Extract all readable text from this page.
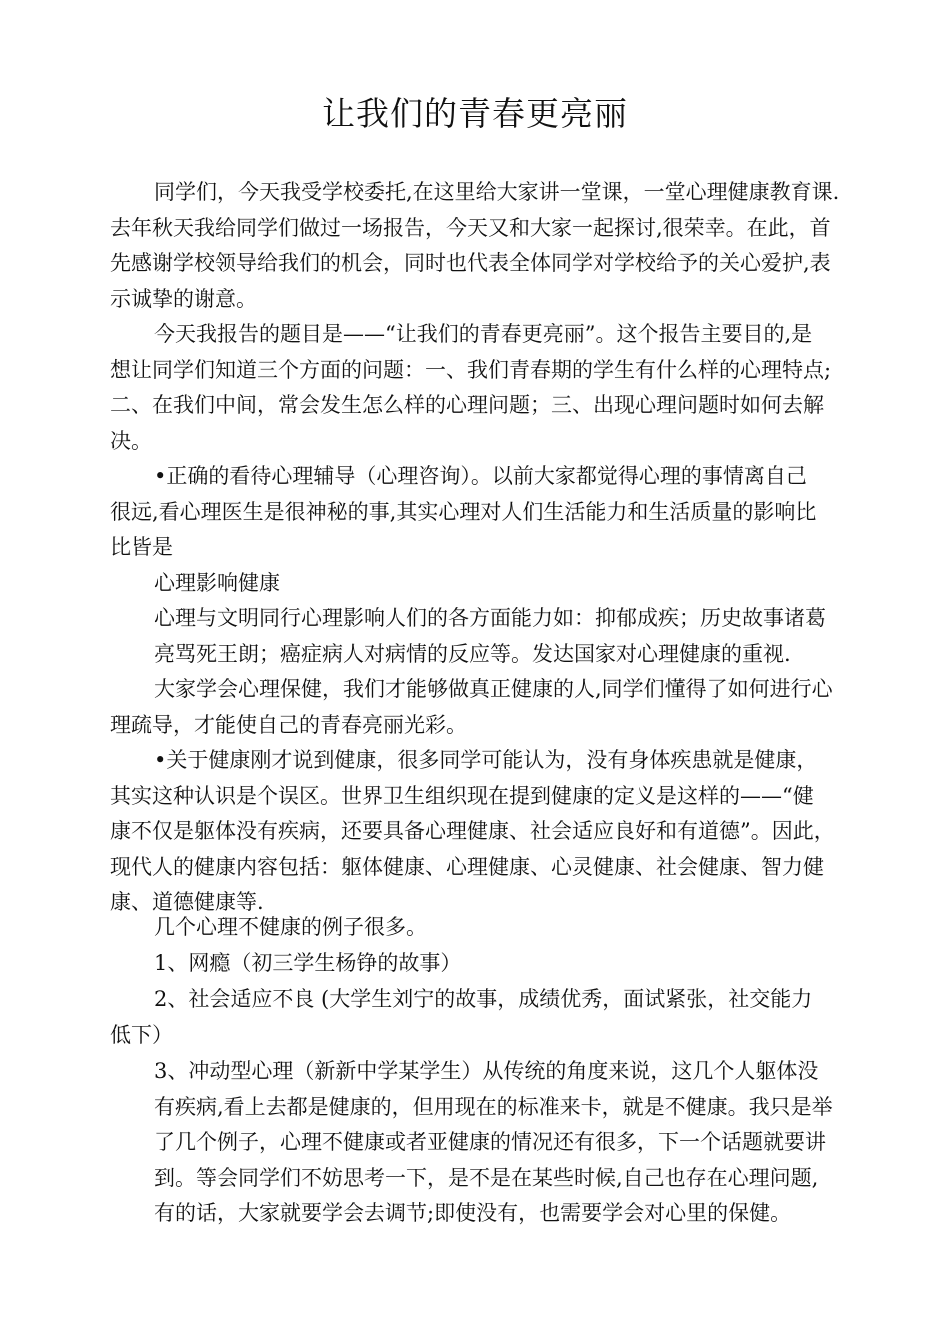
让我们的青春更亮丽
同学们，今天我受学校委托,在这里给大家讲一堂课，一堂心理健康教育课.
去年秋天我给同学们做过一场报告，今天又和大家一起探讨,很荣幸。在此，首
先感谢学校领导给我们的机会，同时也代表全体同学对学校给予的关心爱护,表
示诚挚的谢意。
今天我报告的题目是——“让我们的青春更亮丽”。这个报告主要目的,是
想让同学们知道三个方面的问题：一、我们青春期的学生有什么样的心理特点;
二、在我们中间，常会发生怎么样的心理问题；三、出现心理问题时如何去解
决。
•正确的看待心理辅导（心理咨询）。以前大家都觉得心理的事情离自己
很远,看心理医生是很神秘的事,其实心理对人们生活能力和生活质量的影响比
比皆是
心理影响健康
心理与文明同行心理影响人们的各方面能力如：抑郁成疾；历史故事诸葛
亮骂死王朗；癌症病人对病情的反应等。发达国家对心理健康的重视.
大家学会心理保健，我们才能够做真正健康的人,同学们懂得了如何进行心
理疏导，才能使自己的青春亮丽光彩。
•关于健康刚才说到健康，很多同学可能认为，没有身体疾患就是健康，
其实这种认识是个误区。世界卫生组织现在提到健康的定义是这样的——“健
康不仅是躯体没有疾病，还要具备心理健康、社会适应良好和有道德”。因此，
现代人的健康内容包括：躯体健康、心理健康、心灵健康、社会健康、智力健
康、道德健康等.
几个心理不健康的例子很多。
1、网瘾（初三学生杨铮的故事）
2、社会适应不良 (大学生刘宁的故事，成绩优秀，面试紧张，社交能力
低下）
3、冲动型心理（新新中学某学生）从传统的角度来说，这几个人躯体没
有疾病,看上去都是健康的，但用现在的标准来卡，就是不健康。我只是举
了几个例子，心理不健康或者亚健康的情况还有很多，下一个话题就要讲
到。等会同学们不妨思考一下，是不是在某些时候,自己也存在心理问题,
有的话，大家就要学会去调节;即使没有，也需要学会对心里的保健。
